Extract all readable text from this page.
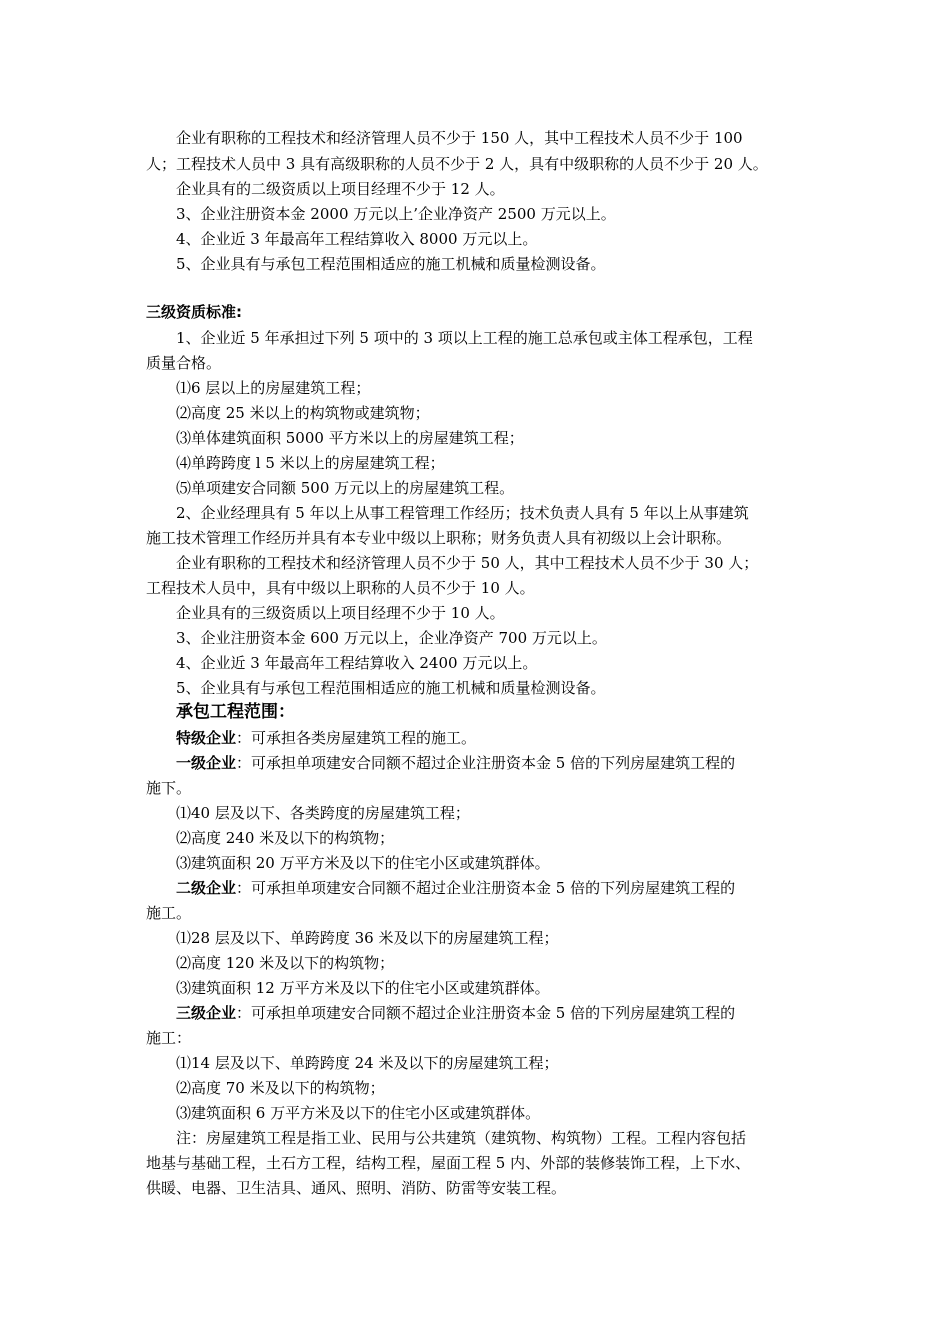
企业有职称的工程技术和经济管理人员不少于 150 人，其中工程技术人员不少于 100
人；工程技术人员中 3 具有高级职称的人员不少于 2 人，具有中级职称的人员不少于 20 人。
企业具有的二级资质以上项目经理不少于 12 人。
3、企业注册资本金 2000 万元以上’企业净资产 2500 万元以上。
4、企业近 3 年最高年工程结算收入 8000 万元以上。
5、企业具有与承包工程范围相适应的施工机械和质量检测设备。
三级资质标准:
1、企业近 5 年承担过下列 5 项中的 3 项以上工程的施工总承包或主体工程承包，工程
质量合格。
⑴6 层以上的房屋建筑工程；
⑵高度 25 米以上的构筑物或建筑物；
⑶单体建筑面积 5000 平方米以上的房屋建筑工程；
⑷单跨跨度 l 5 米以上的房屋建筑工程；
⑸单项建安合同额 500 万元以上的房屋建筑工程。
2、企业经理具有 5 年以上从事工程管理工作经历；技术负责人具有 5 年以上从事建筑
施工技术管理工作经历并具有本专业中级以上职称；财务负责人具有初级以上会计职称。
企业有职称的工程技术和经济管理人员不少于 50 人，其中工程技术人员不少于 30 人；
工程技术人员中，具有中级以上职称的人员不少于 10 人。
企业具有的三级资质以上项目经理不少于 10 人。
3、企业注册资本金 600 万元以上，企业净资产 700 万元以上。
4、企业近 3 年最高年工程结算收入 2400 万元以上。
5、企业具有与承包工程范围相适应的施工机械和质量检测设备。
承包工程范围：
特级企业：可承担各类房屋建筑工程的施工。
一级企业：可承担单项建安合同额不超过企业注册资本金 5 倍的下列房屋建筑工程的
施下。
⑴40 层及以下、各类跨度的房屋建筑工程；
⑵高度 240 米及以下的构筑物；
⑶建筑面积 20 万平方米及以下的住宅小区或建筑群体。
二级企业：可承担单项建安合同额不超过企业注册资本金 5 倍的下列房屋建筑工程的
施工。
⑴28 层及以下、单跨跨度 36 米及以下的房屋建筑工程；
⑵高度 120 米及以下的构筑物；
⑶建筑面积 12 万平方米及以下的住宅小区或建筑群体。
三级企业：可承担单项建安合同额不超过企业注册资本金 5 倍的下列房屋建筑工程的
施工：
⑴14 层及以下、单跨跨度 24 米及以下的房屋建筑工程；
⑵高度 70 米及以下的构筑物；
⑶建筑面积 6 万平方米及以下的住宅小区或建筑群体。
注：房屋建筑工程是指工业、民用与公共建筑（建筑物、构筑物）工程。工程内容包括
地基与基础工程，土石方工程，结构工程，屋面工程 5 内、外部的装修装饰工程，上下水、
供暖、电器、卫生洁具、通风、照明、消防、防雷等安装工程。
